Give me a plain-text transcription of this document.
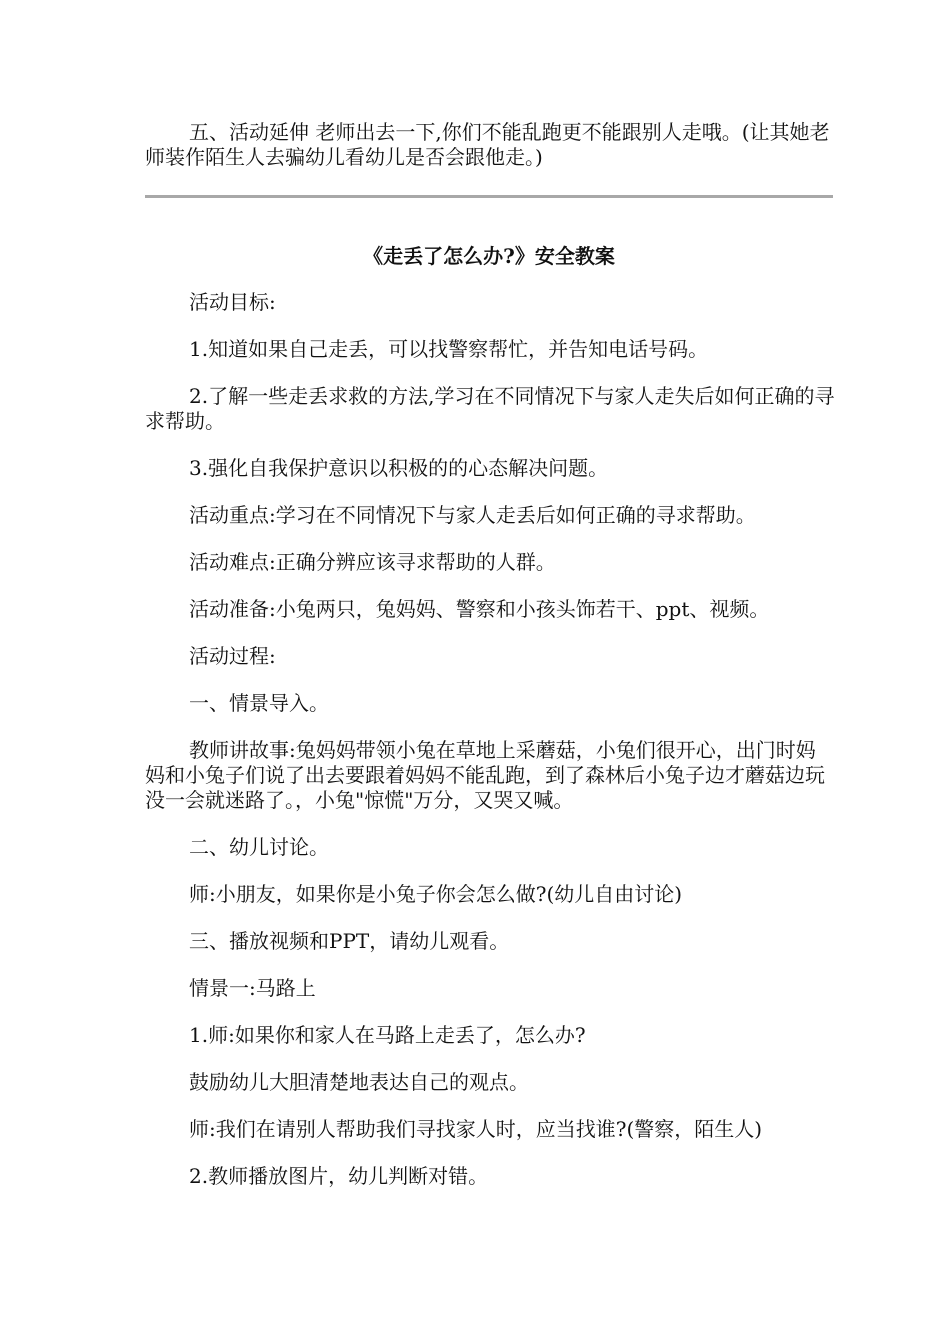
五、活动延伸 老师出去一下,你们不能乱跑更不能跟别人走哦。(让其她老师装作陌生人去骗幼儿看幼儿是否会跟他走。)

《走丢了怎么办?》安全教案

活动目标:

1.知道如果自己走丢，可以找警察帮忙，并告知电话号码。

2.了解一些走丢求救的方法,学习在不同情况下与家人走失后如何正确的寻求帮助。

3.强化自我保护意识以积极的的心态解决问题。

活动重点:学习在不同情况下与家人走丢后如何正确的寻求帮助。

活动难点:正确分辨应该寻求帮助的人群。

活动准备:小兔两只，兔妈妈、警察和小孩头饰若干、ppt、视频。

活动过程:

一、情景导入。

教师讲故事:兔妈妈带领小兔在草地上采蘑菇，小兔们很开心，出门时妈妈和小兔子们说了出去要跟着妈妈不能乱跑，到了森林后小兔子边才蘑菇边玩没一会就迷路了。，小兔"惊慌"万分，又哭又喊。

二、幼儿讨论。

师:小朋友，如果你是小兔子你会怎么做?(幼儿自由讨论)

三、播放视频和PPT，请幼儿观看。

情景一:马路上

1.师:如果你和家人在马路上走丢了，怎么办?

鼓励幼儿大胆清楚地表达自己的观点。

师:我们在请别人帮助我们寻找家人时，应当找谁?(警察，陌生人)

2.教师播放图片，幼儿判断对错。
